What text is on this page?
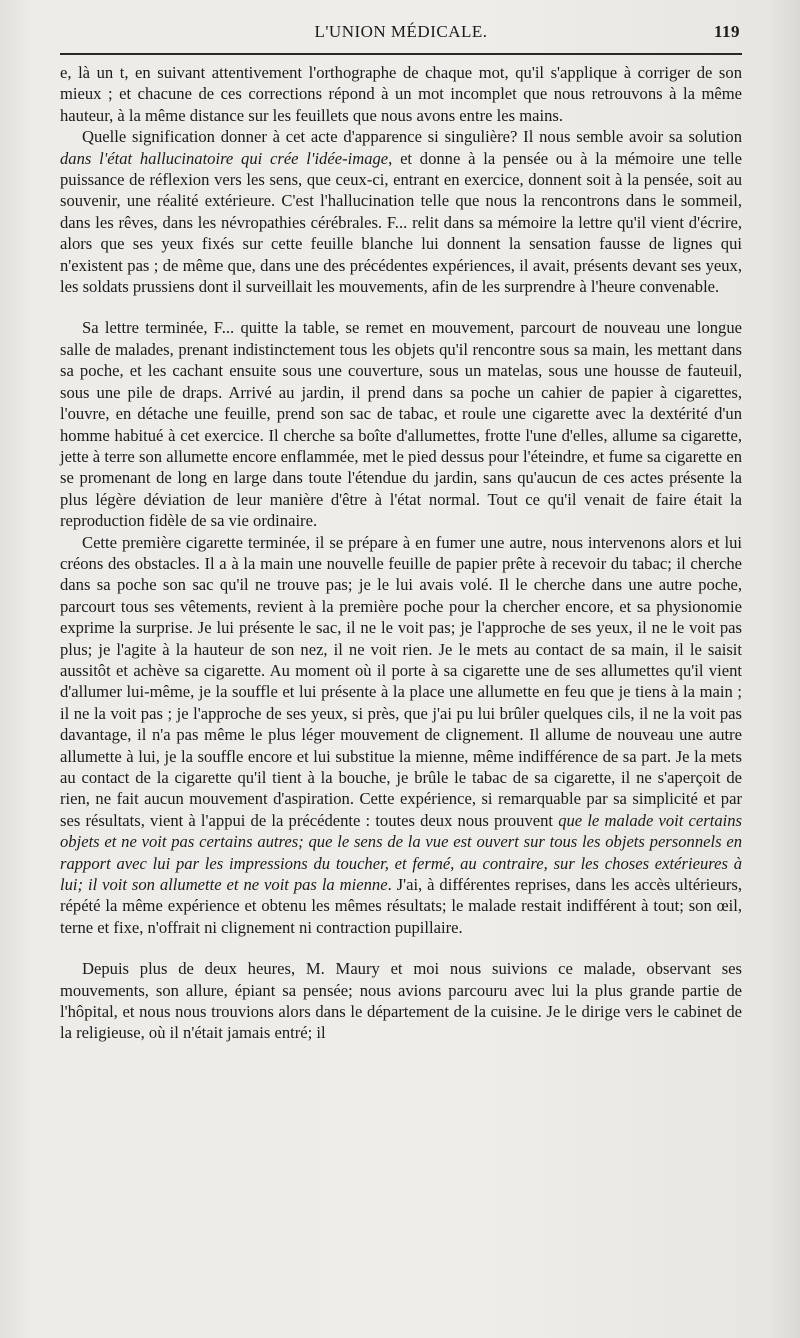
L'UNION MÉDICALE.	119

e, là un t, en suivant attentivement l'orthographe de chaque mot, qu'il s'applique à corriger de son mieux ; et chacune de ces corrections répond à un mot incomplet que nous retrouvons à la même hauteur, à la même distance sur les feuillets que nous avons entre les mains.

Quelle signification donner à cet acte d'apparence si singulière? Il nous semble avoir sa solution dans l'état hallucinatoire qui crée l'idée-image, et donne à la pensée ou à la mémoire une telle puissance de réflexion vers les sens, que ceux-ci, entrant en exercice, donnent soit à la pensée, soit au souvenir, une réalité extérieure. C'est l'hallucination telle que nous la rencontrons dans le sommeil, dans les rêves, dans les névropathies cérébrales. F... relit dans sa mémoire la lettre qu'il vient d'écrire, alors que ses yeux fixés sur cette feuille blanche lui donnent la sensation fausse de lignes qui n'existent pas ; de même que, dans une des précédentes expériences, il avait, présents devant ses yeux, les soldats prussiens dont il surveillait les mouvements, afin de les surprendre à l'heure convenable.

Sa lettre terminée, F... quitte la table, se remet en mouvement, parcourt de nouveau une longue salle de malades, prenant indistinctement tous les objets qu'il rencontre sous sa main, les mettant dans sa poche, et les cachant ensuite sous une couverture, sous un matelas, sous une housse de fauteuil, sous une pile de draps. Arrivé au jardin, il prend dans sa poche un cahier de papier à cigarettes, l'ouvre, en détache une feuille, prend son sac de tabac, et roule une cigarette avec la dextérité d'un homme habitué à cet exercice. Il cherche sa boîte d'allumettes, frotte l'une d'elles, allume sa cigarette, jette à terre son allumette encore enflammée, met le pied dessus pour l'éteindre, et fume sa cigarette en se promenant de long en large dans toute l'étendue du jardin, sans qu'aucun de ces actes présente la plus légère déviation de leur manière d'être à l'état normal. Tout ce qu'il venait de faire était la reproduction fidèle de sa vie ordinaire.

Cette première cigarette terminée, il se prépare à en fumer une autre, nous intervenons alors et lui créons des obstacles. Il a à la main une nouvelle feuille de papier prête à recevoir du tabac; il cherche dans sa poche son sac qu'il ne trouve pas; je le lui avais volé. Il le cherche dans une autre poche, parcourt tous ses vêtements, revient à la première poche pour la chercher encore, et sa physionomie exprime la surprise. Je lui présente le sac, il ne le voit pas; je l'approche de ses yeux, il ne le voit pas plus; je l'agite à la hauteur de son nez, il ne voit rien. Je le mets au contact de sa main, il le saisit aussitôt et achève sa cigarette. Au moment où il porte à sa cigarette une de ses allumettes qu'il vient d'allumer lui-même, je la souffle et lui présente à la place une allumette en feu que je tiens à la main ; il ne la voit pas ; je l'approche de ses yeux, si près, que j'ai pu lui brûler quelques cils, il ne la voit pas davantage, il n'a pas même le plus léger mouvement de clignement. Il allume de nouveau une autre allumette à lui, je la souffle encore et lui substitue la mienne, même indifférence de sa part. Je la mets au contact de la cigarette qu'il tient à la bouche, je brûle le tabac de sa cigarette, il ne s'aperçoit de rien, ne fait aucun mouvement d'aspiration. Cette expérience, si remarquable par sa simplicité et par ses résultats, vient à l'appui de la précédente : toutes deux nous prouvent que le malade voit certains objets et ne voit pas certains autres; que le sens de la vue est ouvert sur tous les objets personnels en rapport avec lui par les impressions du toucher, et fermé, au contraire, sur les choses extérieures à lui; il voit son allumette et ne voit pas la mienne. J'ai, à différentes reprises, dans les accès ultérieurs, répété la même expérience et obtenu les mêmes résultats; le malade restait indifférent à tout; son œil, terne et fixe, n'offrait ni clignement ni contraction pupillaire.

Depuis plus de deux heures, M. Maury et moi nous suivions ce malade, observant ses mouvements, son allure, épiant sa pensée; nous avions parcouru avec lui la plus grande partie de l'hôpital, et nous nous trouvions alors dans le département de la cuisine. Je le dirige vers le cabinet de la religieuse, où il n'était jamais entré; il
